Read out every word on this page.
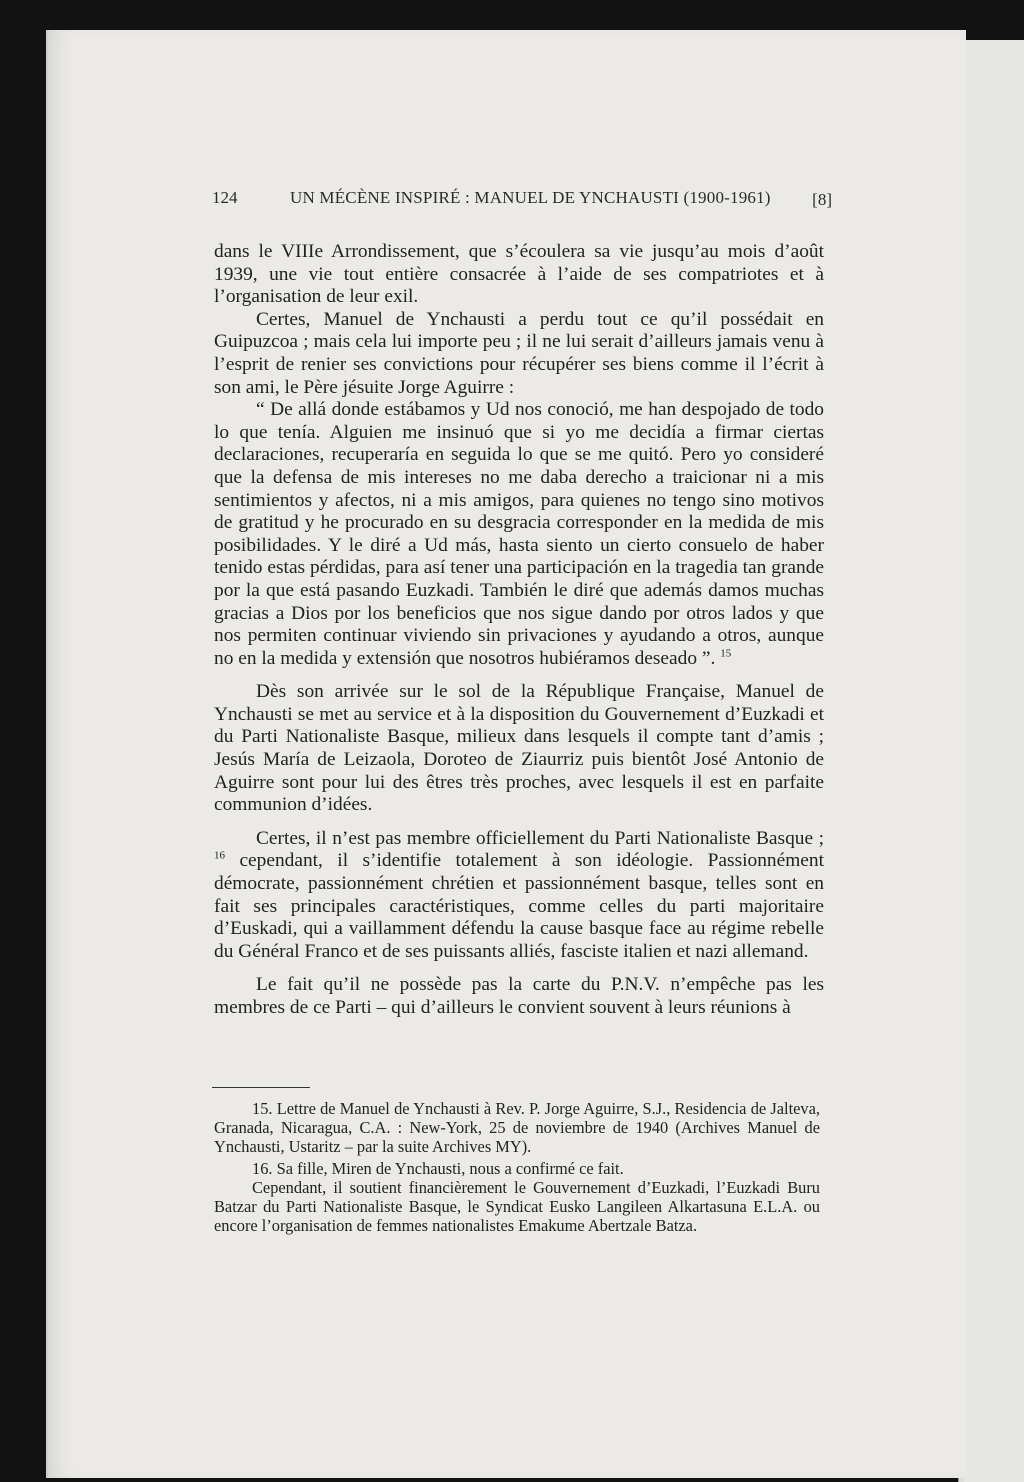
124	UN MÉCÈNE INSPIRÉ : MANUEL DE YNCHAUSTI (1900-1961) [8]

dans le VIIIe Arrondissement, que s’écoulera sa vie jusqu’au mois d’août 1939, une vie tout entière consacrée à l’aide de ses compatriotes et à l’organisation de leur exil.

Certes, Manuel de Ynchausti a perdu tout ce qu’il possédait en Guipuzcoa ; mais cela lui importe peu ; il ne lui serait d’ailleurs jamais venu à l’esprit de renier ses convictions pour récupérer ses biens comme il l’écrit à son ami, le Père jésuite Jorge Aguirre :

“ De allá donde estábamos y Ud nos conoció, me han despojado de todo lo que tenía. Alguien me insinuó que si yo me decidía a firmar ciertas declaraciones, recuperaría en seguida lo que se me quitó. Pero yo consideré que la defensa de mis intereses no me daba derecho a traicionar ni a mis sentimientos y afectos, ni a mis amigos, para quienes no tengo sino motivos de gratitud y he procurado en su desgracia corresponder en la medida de mis posibilidades. Y le diré a Ud más, hasta siento un cierto consuelo de haber tenido estas pérdidas, para así tener una participación en la tragedia tan grande por la que está pasando Euzkadi. También le diré que además damos muchas gracias a Dios por los beneficios que nos sigue dando por otros lados y que nos permiten continuar viviendo sin privaciones y ayudando a otros, aunque no en la medida y extensión que nosotros hubiéramos deseado ”. $^{15}$

Dès son arrivée sur le sol de la République Française, Manuel de Ynchausti se met au service et à la disposition du Gouvernement d’Euzkadi et du Parti Nationaliste Basque, milieux dans lesquels il compte tant d’amis ; Jesús María de Leizaola, Doroteo de Ziaurriz puis bientôt José Antonio de Aguirre sont pour lui des êtres très proches, avec lesquels il est en parfaite communion d’idées.

Certes, il n’est pas membre officiellement du Parti Nationaliste Basque ; $^{16}$ cependant, il s’identifie totalement à son idéologie. Passionnément démocrate, passionnément chrétien et passionnément basque, telles sont en fait ses principales caractéristiques, comme celles du parti majoritaire d’Euskadi, qui a vaillamment défendu la cause basque face au régime rebelle du Général Franco et de ses puissants alliés, fasciste italien et nazi allemand.

Le fait qu’il ne possède pas la carte du P.N.V. n’empêche pas les membres de ce Parti – qui d’ailleurs le convient souvent à leurs réunions à

15. Lettre de Manuel de Ynchausti à Rev. P. Jorge Aguirre, S.J., Residencia de Jalteva, Granada, Nicaragua, C.A. : New-York, 25 de noviembre de 1940 (Archives Manuel de Ynchausti, Ustaritz – par la suite Archives MY).

16. Sa fille, Miren de Ynchausti, nous a confirmé ce fait.

Cependant, il soutient financièrement le Gouvernement d’Euzkadi, l’Euzkadi Buru Batzar du Parti Nationaliste Basque, le Syndicat Eusko Langileen Alkartasuna E.L.A. ou encore l’organisation de femmes nationalistes Emakume Abertzale Batza.
